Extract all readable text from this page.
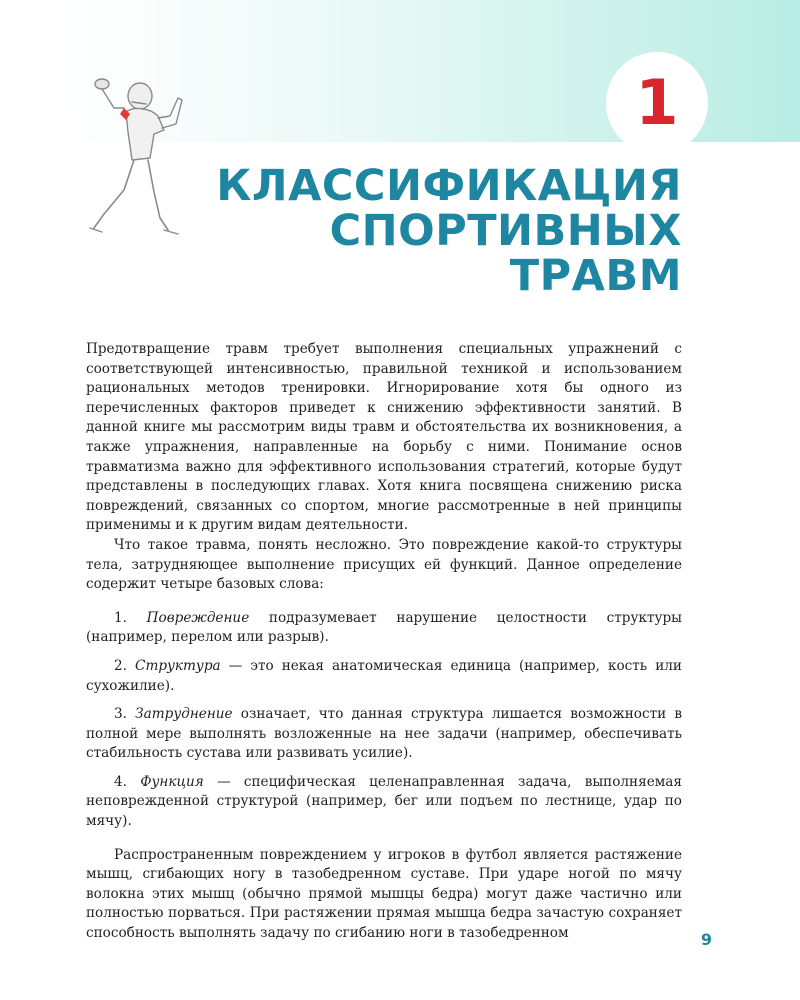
1
КЛАССИФИКАЦИЯ
СПОРТИВНЫХ
ТРАВМ

Предотвращение травм требует выполнения специальных упражнений с соответствующей интенсивностью, правильной техникой и использованием рациональных методов тренировки. Игнорирование хотя бы одного из перечисленных факторов приведет к снижению эффективности занятий. В данной книге мы рассмотрим виды травм и обстоятельства их возникновения, а также упражнения, направленные на борьбу с ними. Понимание основ травматизма важно для эффективного использования стратегий, которые будут представлены в последующих главах. Хотя книга посвящена снижению риска повреждений, связанных со спортом, многие рассмотренные в ней принципы применимы и к другим видам деятельности.

Что такое травма, понять несложно. Это повреждение какой-то структуры тела, затрудняющее выполнение присущих ей функций. Данное определение содержит четыре базовых слова:

1. Повреждение подразумевает нарушение целостности структуры (например, перелом или разрыв).

2. Структура — это некая анатомическая единица (например, кость или сухожилие).

3. Затруднение означает, что данная структура лишается возможности в полной мере выполнять возложенные на нее задачи (например, обеспечивать стабильность сустава или развивать усилие).

4. Функция — специфическая целенаправленная задача, выполняемая неповрежденной структурой (например, бег или подъем по лестнице, удар по мячу).

Распространенным повреждением у игроков в футбол является растяжение мышц, сгибающих ногу в тазобедренном суставе. При ударе ногой по мячу волокна этих мышц (обычно прямой мышцы бедра) могут даже частично или полностью порваться. При растяжении прямая мышца бедра зачастую сохраняет способность выполнять задачу по сгибанию ноги в тазобедренном	9
